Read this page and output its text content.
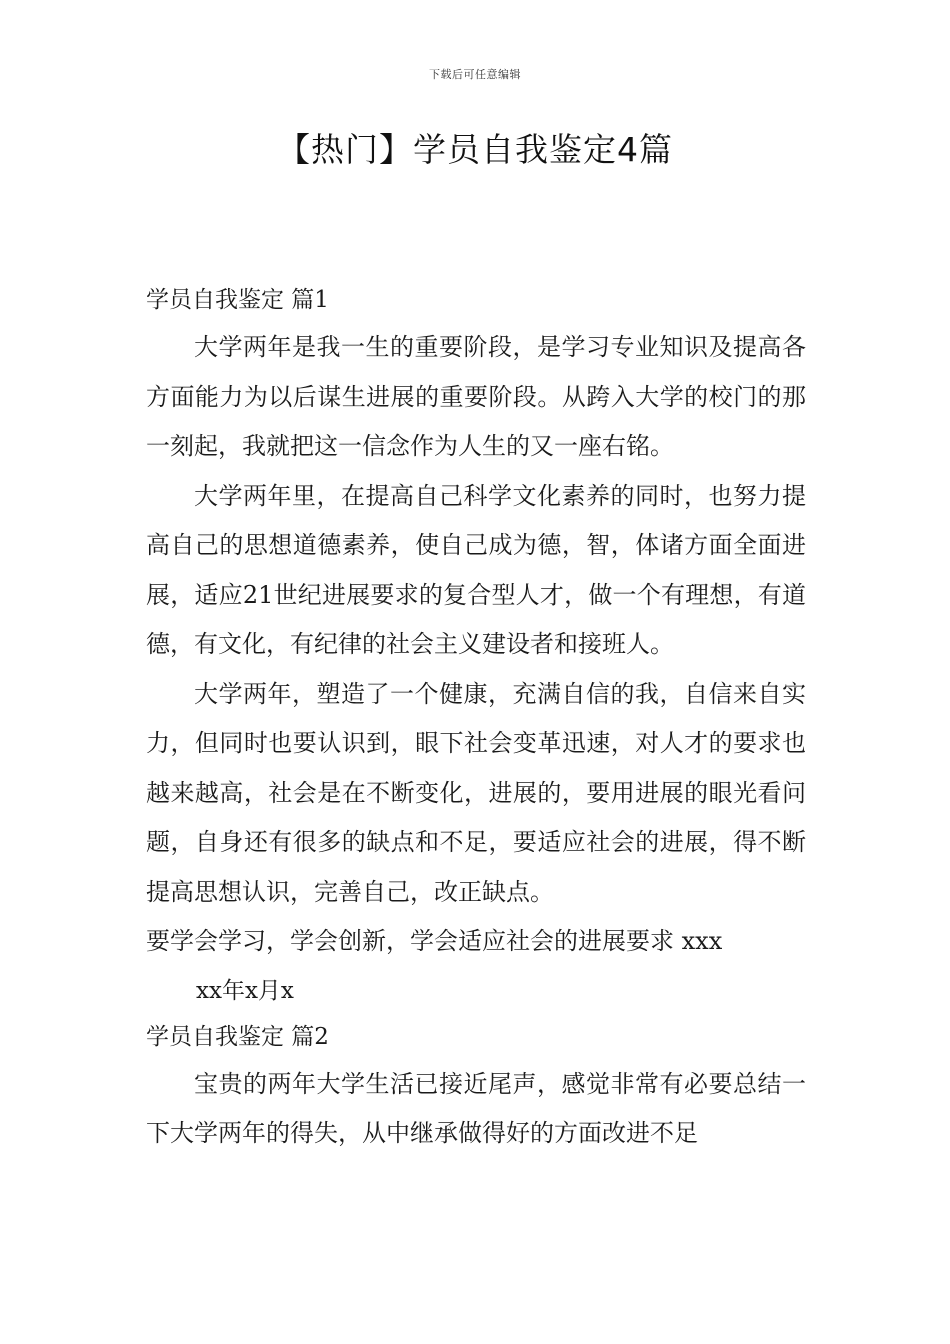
下载后可任意编辑
【热门】学员自我鉴定4篇

学员自我鉴定 篇1

大学两年是我一生的重要阶段，是学习专业知识及提高各方面能力为以后谋生进展的重要阶段。从跨入大学的校门的那一刻起，我就把这一信念作为人生的又一座右铭。

大学两年里，在提高自己科学文化素养的同时，也努力提高自己的思想道德素养，使自己成为德，智，体诸方面全面进展，适应21世纪进展要求的复合型人才，做一个有理想，有道德，有文化，有纪律的社会主义建设者和接班人。

大学两年，塑造了一个健康，充满自信的我，自信来自实力，但同时也要认识到，眼下社会变革迅速，对人才的要求也越来越高，社会是在不断变化，进展的，要用进展的眼光看问题，自身还有很多的缺点和不足，要适应社会的进展，得不断提高思想认识，完善自己，改正缺点。

要学会学习，学会创新，学会适应社会的进展要求 xxx

xx年x月x

学员自我鉴定 篇2

宝贵的两年大学生活已接近尾声，感觉非常有必要总结一下大学两年的得失，从中继承做得好的方面改进不足
